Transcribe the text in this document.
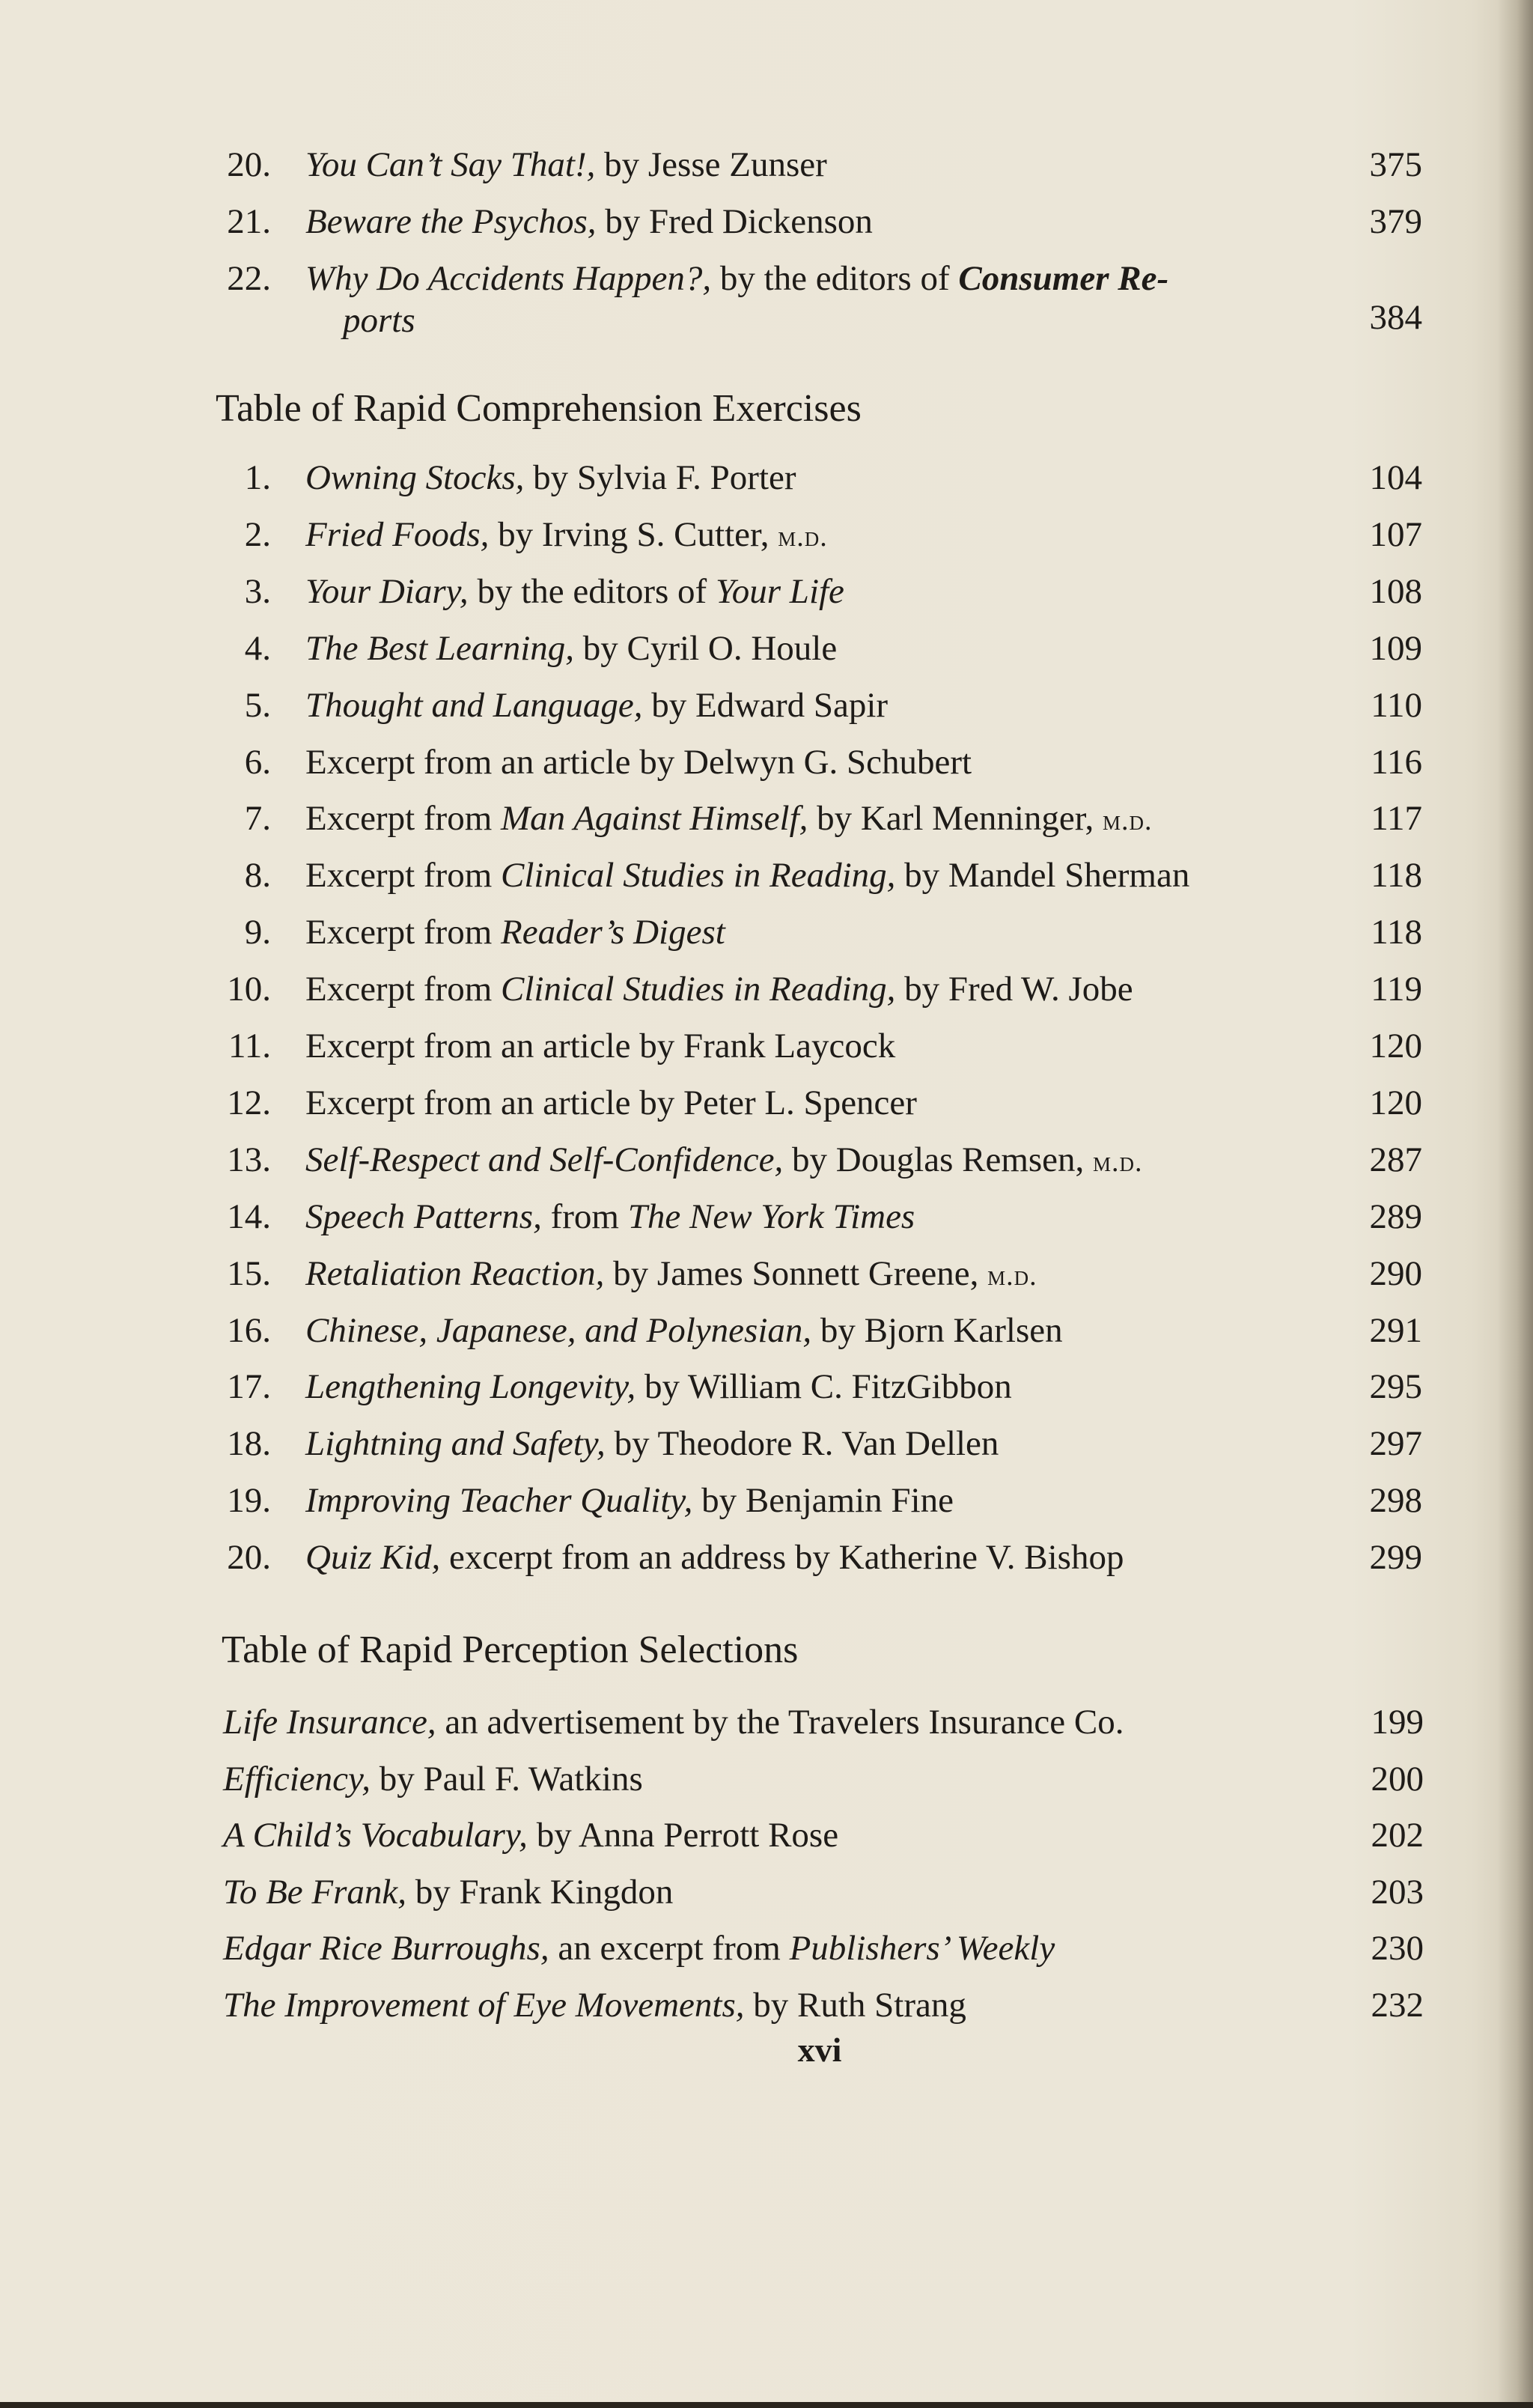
20. You Can’t Say That!, by Jesse Zunser	375
21. Beware the Psychos, by Fred Dickenson	379
22. Why Do Accidents Happen?, by the editors of Consumer Re-
ports	384
Table of Rapid Comprehension Exercises
1. Owning Stocks, by Sylvia F. Porter	104
2. Fried Foods, by Irving S. Cutter, m.d.	107
3. Your Diary, by the editors of Your Life	108
4. The Best Learning, by Cyril O. Houle	109
5. Thought and Language, by Edward Sapir	110
6. Excerpt from an article by Delwyn G. Schubert	116
7. Excerpt from Man Against Himself, by Karl Menninger, m.d.	117
8. Excerpt from Clinical Studies in Reading, by Mandel Sherman	118
9. Excerpt from Reader’s Digest	118
10. Excerpt from Clinical Studies in Reading, by Fred W. Jobe	119
11. Excerpt from an article by Frank Laycock	120
12. Excerpt from an article by Peter L. Spencer	120
13. Self-Respect and Self-Confidence, by Douglas Remsen, m.d.	287
14. Speech Patterns, from The New York Times	289
15. Retaliation Reaction, by James Sonnett Greene, m.d.	290
16. Chinese, Japanese, and Polynesian, by Bjorn Karlsen	291
17. Lengthening Longevity, by William C. FitzGibbon	295
18. Lightning and Safety, by Theodore R. Van Dellen	297
19. Improving Teacher Quality, by Benjamin Fine	298
20. Quiz Kid, excerpt from an address by Katherine V. Bishop	299
Table of Rapid Perception Selections
Life Insurance, an advertisement by the Travelers Insurance Co.	199
Efficiency, by Paul F. Watkins	200
A Child’s Vocabulary, by Anna Perrott Rose	202
To Be Frank, by Frank Kingdon	203
Edgar Rice Burroughs, an excerpt from Publishers’ Weekly	230
The Improvement of Eye Movements, by Ruth Strang	232
xvi
